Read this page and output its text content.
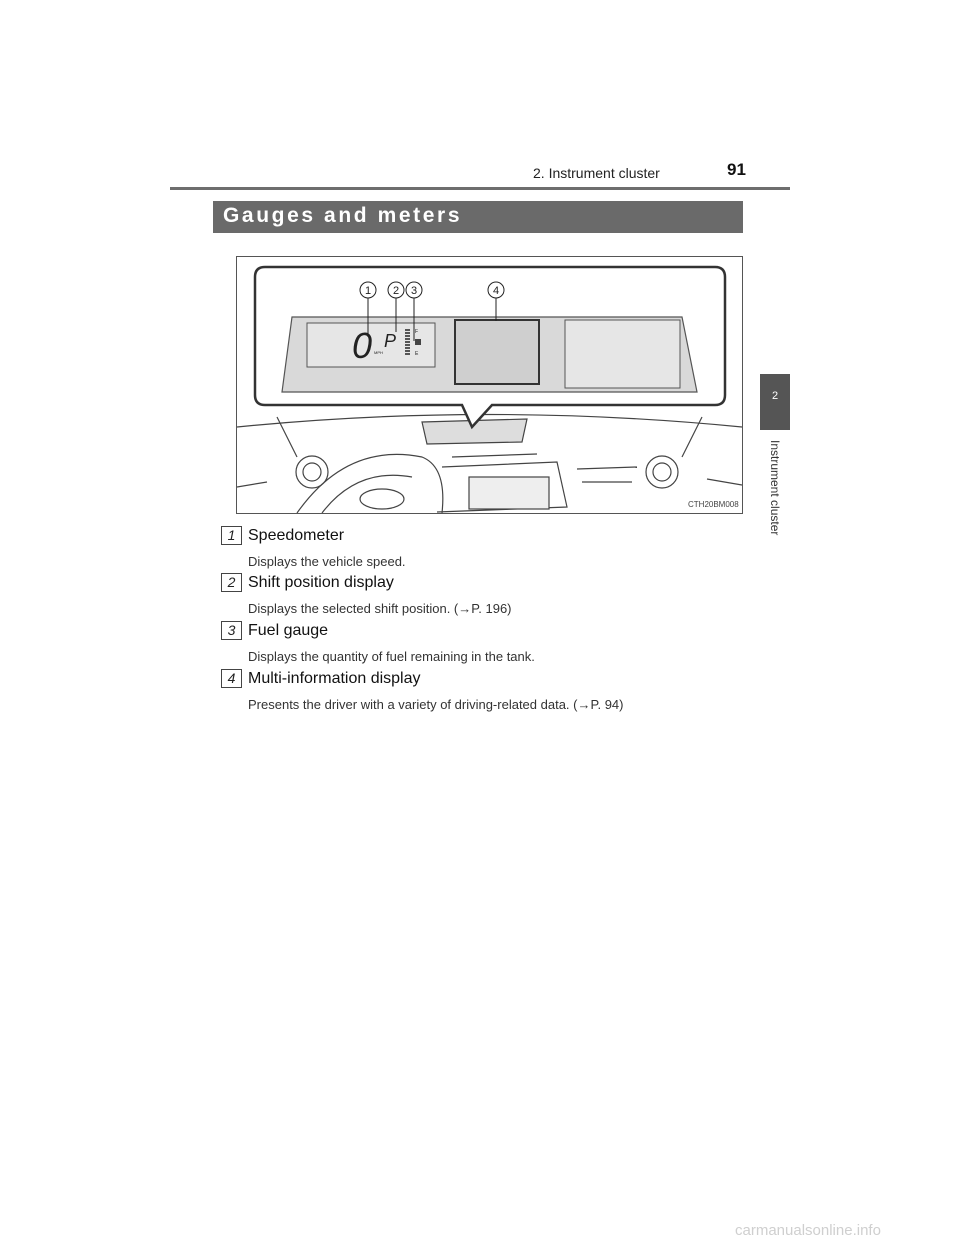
2. Instrument cluster	91
2
Instrument cluster
Gauges and meters
1 2 3	4
0 MPH
P	F
E
CTH20BM008
1 Speedometer
Displays the vehicle speed.
2 Shift position display
Displays the selected shift position. (→P. 196)
3 Fuel gauge
Displays the quantity of fuel remaining in the tank.
4 Multi-information display
Presents the driver with a variety of driving-related data. (→P. 94)
carmanualsonline.info
